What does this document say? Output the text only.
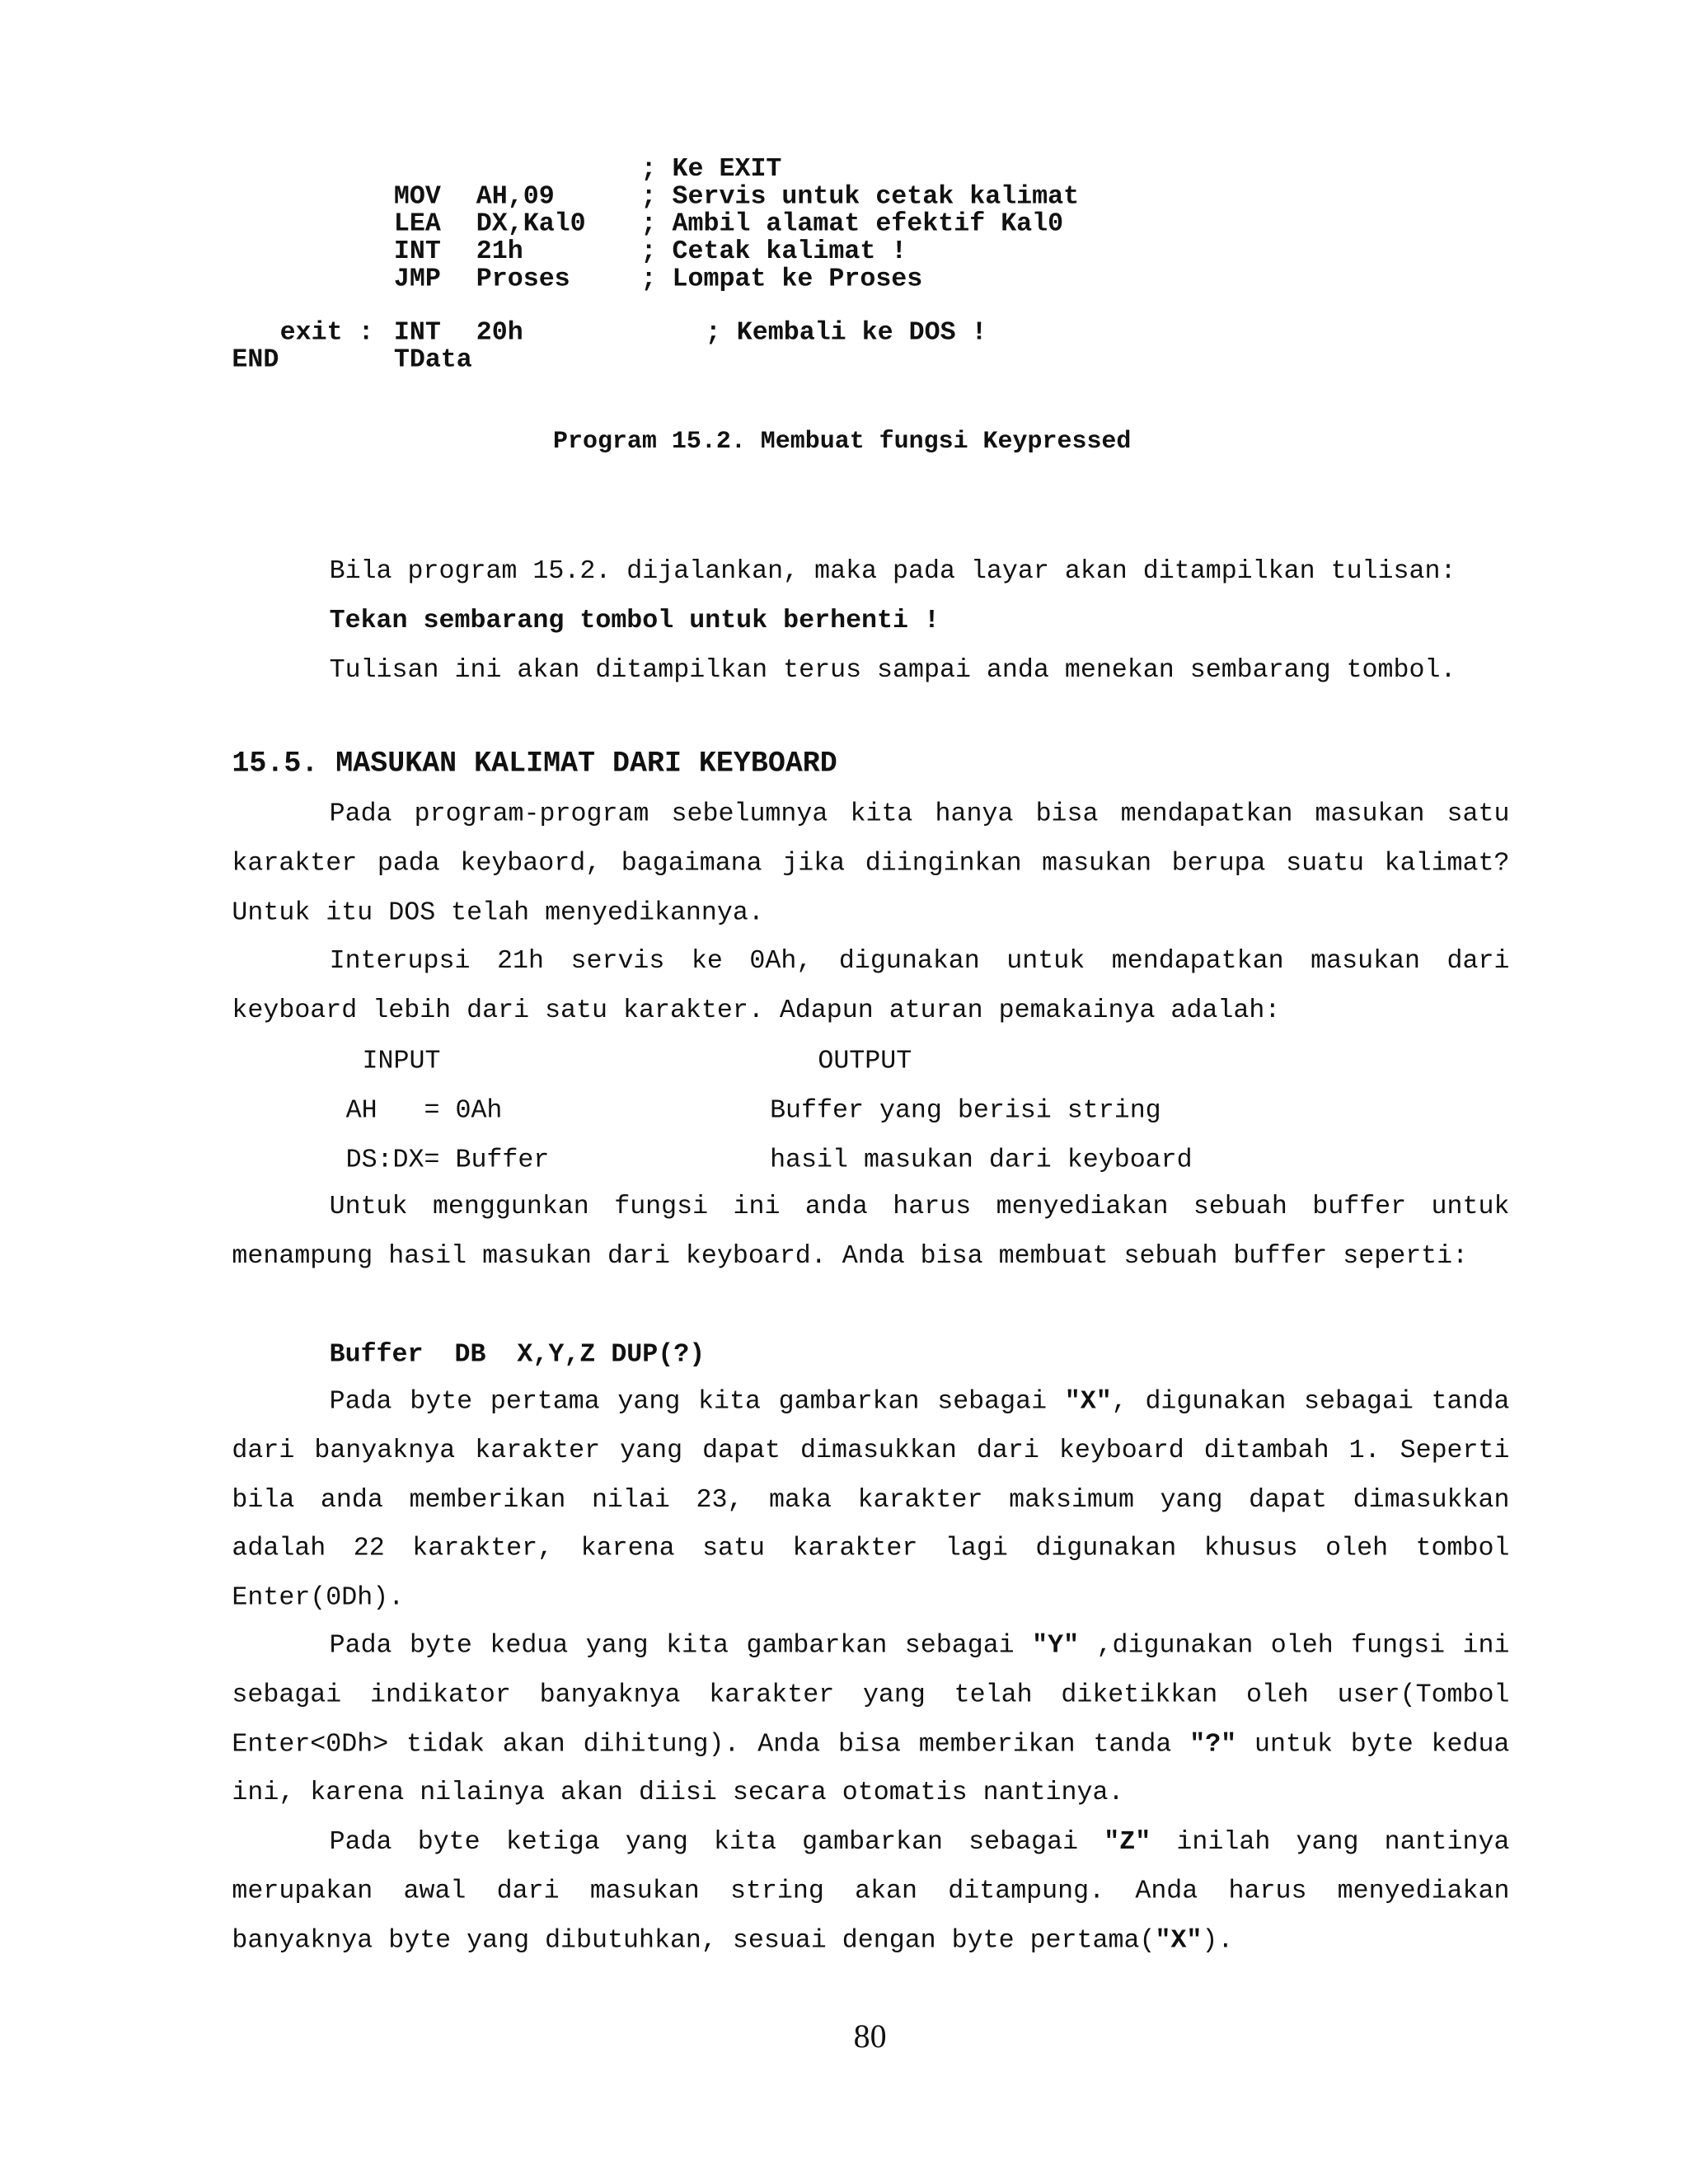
; Ke EXIT
MOV AH,09	; Servis untuk cetak kalimat
LEA DX,Kal0	; Ambil alamat efektif Kal0
INT 21h	; Cetak kalimat !
JMP Proses	; Lompat ke Proses
exit : INT 20h	; Kembali ke DOS !
END	TData
Program 15.2. Membuat fungsi Keypressed
Bila program 15.2. dijalankan, maka pada layar akan ditampilkan tulisan:
Tekan sembarang tombol untuk berhenti !
Tulisan ini akan ditampilkan terus sampai anda menekan sembarang tombol.
15.5. MASUKAN KALIMAT DARI KEYBOARD

Pada program-program sebelumnya kita hanya bisa mendapatkan masukan satu karakter pada keybaord, bagaimana jika diinginkan masukan berupa suatu kalimat? Untuk itu DOS telah menyedikannya.

Interupsi 21h servis ke 0Ah, digunakan untuk mendapatkan masukan dari keyboard lebih dari satu karakter. Adapun aturan pemakainya adalah:

INPUT	OUTPUT
AH   = 0Ah	Buffer yang berisi string
DS:DX= Buffer	hasil masukan dari keyboard

Untuk menggunkan fungsi ini anda harus menyediakan sebuah buffer untuk menampung hasil masukan dari keyboard. Anda bisa membuat sebuah buffer seperti:

Buffer  DB  X,Y,Z DUP(?)

Pada byte pertama yang kita gambarkan sebagai "X", digunakan sebagai tanda dari banyaknya karakter yang dapat dimasukkan dari keyboard ditambah 1. Seperti bila anda memberikan nilai 23, maka karakter maksimum yang dapat dimasukkan adalah 22 karakter, karena satu karakter lagi digunakan khusus oleh tombol Enter(0Dh).

Pada byte kedua yang kita gambarkan sebagai "Y" ,digunakan oleh fungsi ini sebagai indikator banyaknya karakter yang telah diketikkan oleh user(Tombol Enter<0Dh> tidak akan dihitung). Anda bisa memberikan tanda "?" untuk byte kedua ini, karena nilainya akan diisi secara otomatis nantinya.

Pada byte ketiga yang kita gambarkan sebagai "Z" inilah yang nantinya merupakan awal dari masukan string akan ditampung. Anda harus menyediakan banyaknya byte yang dibutuhkan, sesuai dengan byte pertama("X").

80
